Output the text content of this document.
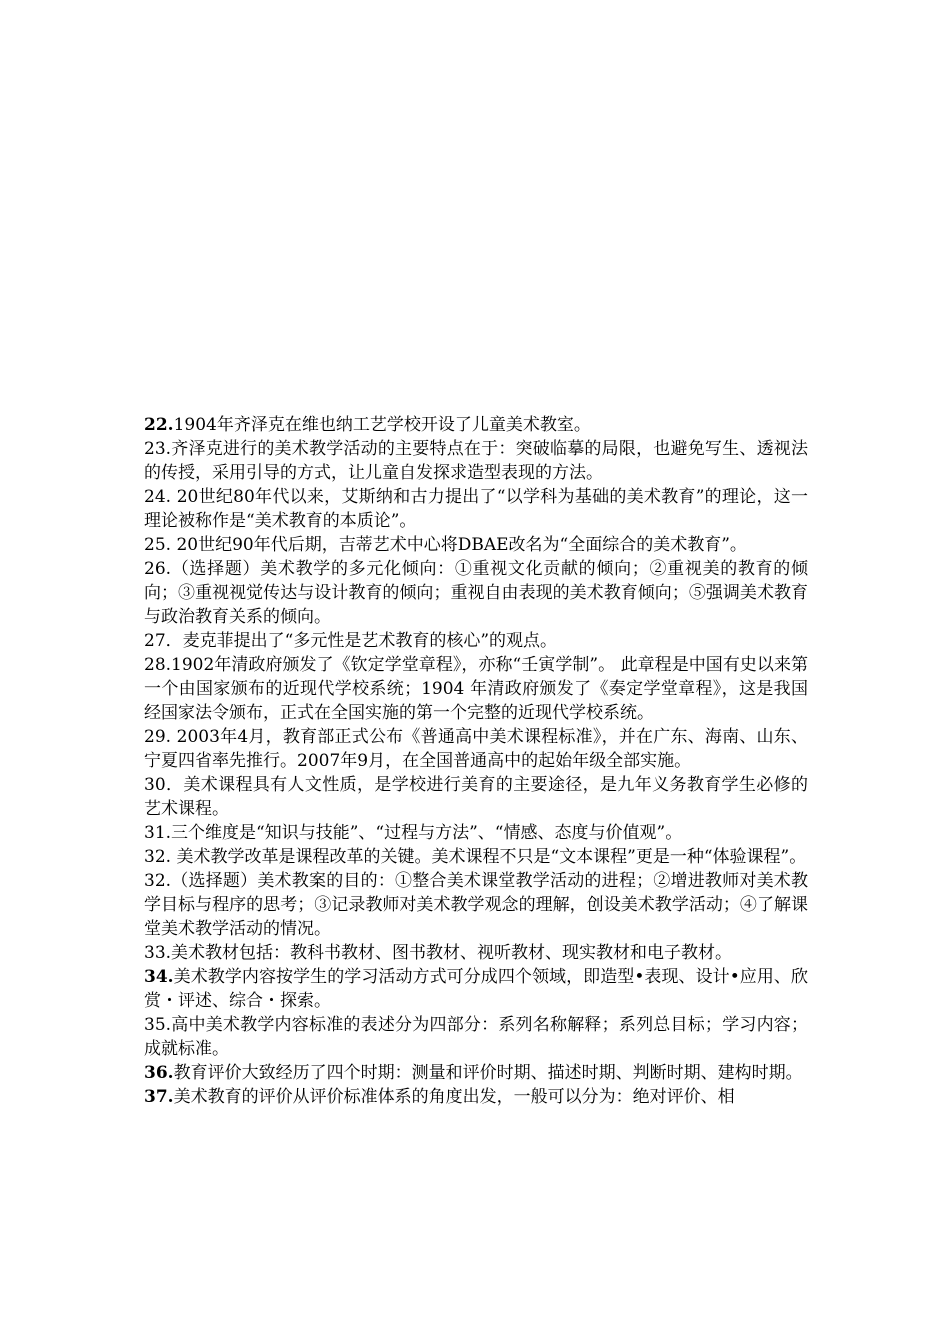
22.1904年齐泽克在维也纳工艺学校开设了儿童美术教室。

23.齐泽克进行的美术教学活动的主要特点在于：突破临摹的局限，也避免写生、透视法的传授，采用引导的方式，让儿童自发探求造型表现的方法。

24. 20世纪80年代以来，艾斯纳和古力提出了“以学科为基础的美术教育”的理论，这一理论被称作是“美术教育的本质论”。

25. 20世纪90年代后期，吉蒂艺术中心将DBAE改名为“全面综合的美术教育”。

26.（选择题）美术教学的多元化倾向：①重视文化贡献的倾向；②重视美的教育的倾向；③重视视觉传达与设计教育的倾向；重视自由表现的美术教育倾向；⑤强调美术教育与政治教育关系的倾向。

27．麦克菲提出了“多元性是艺术教育的核心”的观点。

28.1902年清政府颁发了《钦定学堂章程》，亦称“壬寅学制”。 此章程是中国有史以来第一个由国家颁布的近现代学校系统；1904 年清政府颁发了《奏定学堂章程》，这是我国经国家法令颁布，正式在全国实施的第一个完整的近现代学校系统。

29. 2003年4月，教育部正式公布《普通高中美术课程标准》，并在广东、海南、山东、宁夏四省率先推行。2007年9月，在全国普通高中的起始年级全部实施。

30．美术课程具有人文性质，是学校进行美育的主要途径，是九年义务教育学生必修的艺术课程。

31.三个维度是“知识与技能”、“过程与方法”、“情感、态度与价值观”。

32. 美术教学改革是课程改革的关键。美术课程不只是“文本课程”更是一种“体验课程”。

32.（选择题）美术教案的目的：①整合美术课堂教学活动的进程；②增进教师对美术教学目标与程序的思考；③记录教师对美术教学观念的理解，创设美术教学活动；④了解课堂美术教学活动的情况。

33.美术教材包括：教科书教材、图书教材、视听教材、现实教材和电子教材。

34.美术教学内容按学生的学习活动方式可分成四个领域，即造型•表现、设计•应用、欣赏・评述、综合・探索。

35.高中美术教学内容标准的表述分为四部分：系列名称解释；系列总目标；学习内容；成就标准。

36.教育评价大致经历了四个时期：测量和评价时期、描述时期、判断时期、建构时期。

37.美术教育的评价从评价标准体系的角度出发，一般可以分为：绝对评价、相
